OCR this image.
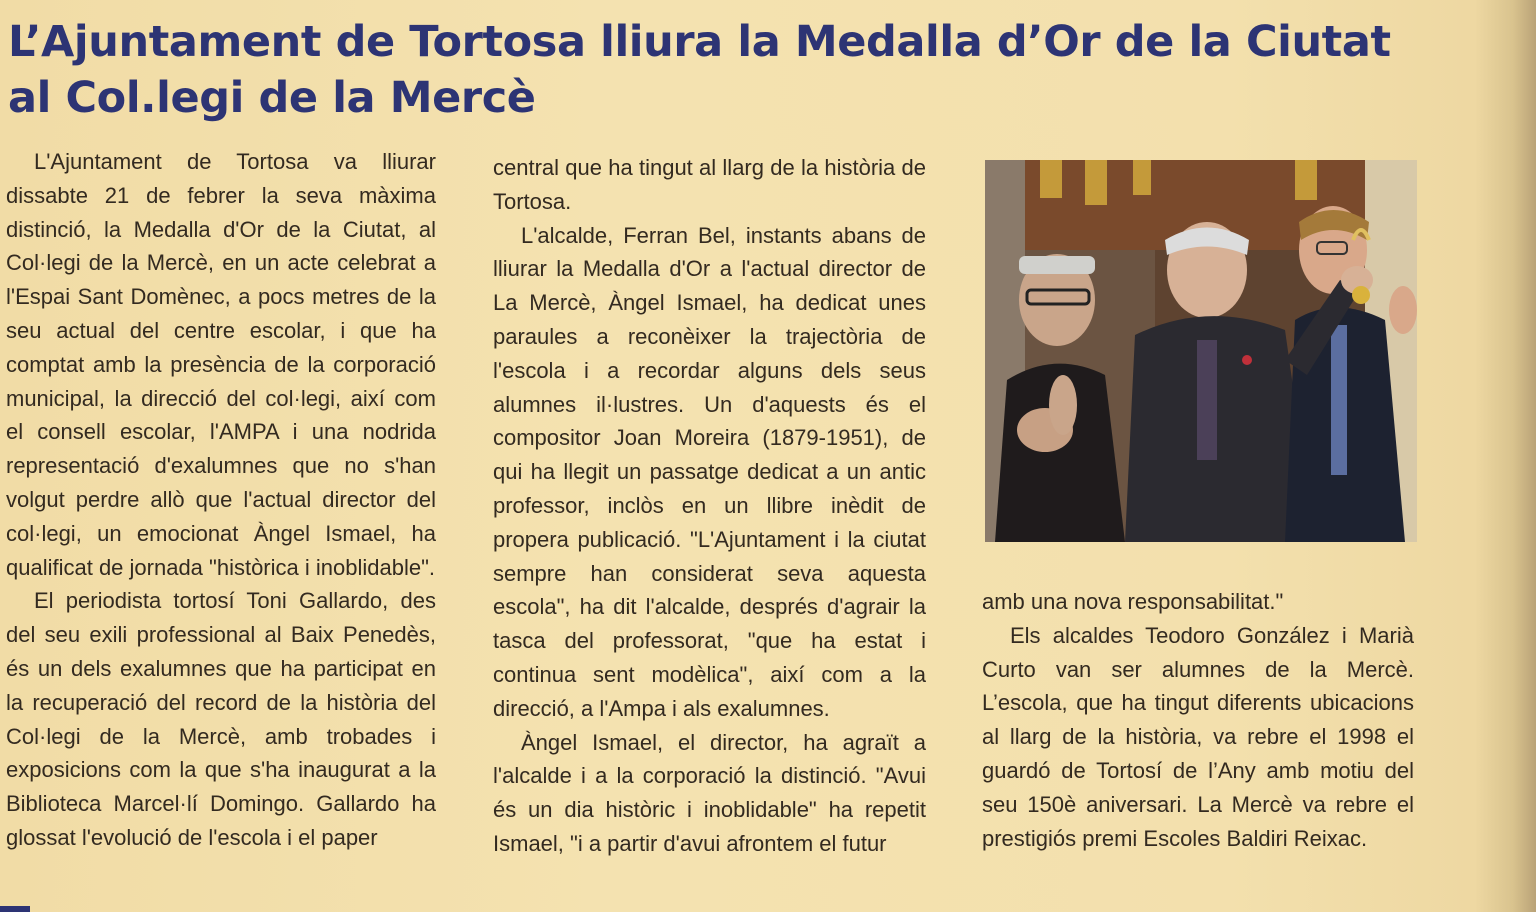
L’Ajuntament de Tortosa lliura la Medalla d’Or de la Ciutat
al Col.legi de la Mercè

L'Ajuntament de Tortosa va lliurar dissabte 21 de febrer la seva màxima distinció, la Medalla d'Or de la Ciutat, al Col·legi de la Mercè, en un acte celebrat a l'Espai Sant Domènec, a pocs metres de la seu actual del centre escolar, i que ha comptat amb la presència de la corporació municipal, la direcció del col·legi, així com el consell escolar, l'AMPA i una nodrida representació d'exalumnes que no s'han volgut perdre allò que l'actual director del col·legi, un emocionat Àngel Ismael, ha qualificat de jornada "històrica i inoblidable".

El periodista tortosí Toni Gallardo, des del seu exili professional al Baix Penedès, és un dels exalumnes que ha participat en la recuperació del record de la història del Col·legi de la Mercè, amb trobades i exposicions com la que s'ha inaugurat a la Biblioteca Marcel·lí Domingo. Gallardo ha glossat l'evolució de l'escola i el paper

central que ha tingut al llarg de la història de Tortosa.

L'alcalde, Ferran Bel, instants abans de lliurar la Medalla d'Or a l'actual director de La Mercè, Àngel Ismael, ha dedicat unes paraules a reconèixer la trajectòria de l'escola i a recordar alguns dels seus alumnes il·lustres. Un d'aquests és el compositor Joan Moreira (1879-1951), de qui ha llegit un passatge dedicat a un antic professor, inclòs en un llibre inèdit de propera publicació. "L'Ajuntament i la ciutat sempre han considerat seva aquesta escola", ha dit l'alcalde, després d'agrair la tasca del professorat, "que ha estat i continua sent modèlica", així com a la direcció, a l'Ampa i als exalumnes.

Àngel Ismael, el director, ha agraït a l'alcalde i a la corporació la distinció. "Avui és un dia històric i inoblidable" ha repetit Ismael, "i a partir d'avui afrontem el futur

amb una nova responsabilitat."

Els alcaldes Teodoro González i Marià Curto van ser alumnes de la Mercè. L’escola, que ha tingut diferents ubicacions al llarg de la història, va rebre el 1998 el guardó de Tortosí de l’Any amb motiu del seu 150è aniversari. La Mercè va rebre el prestigiós premi Escoles Baldiri Reixac.
